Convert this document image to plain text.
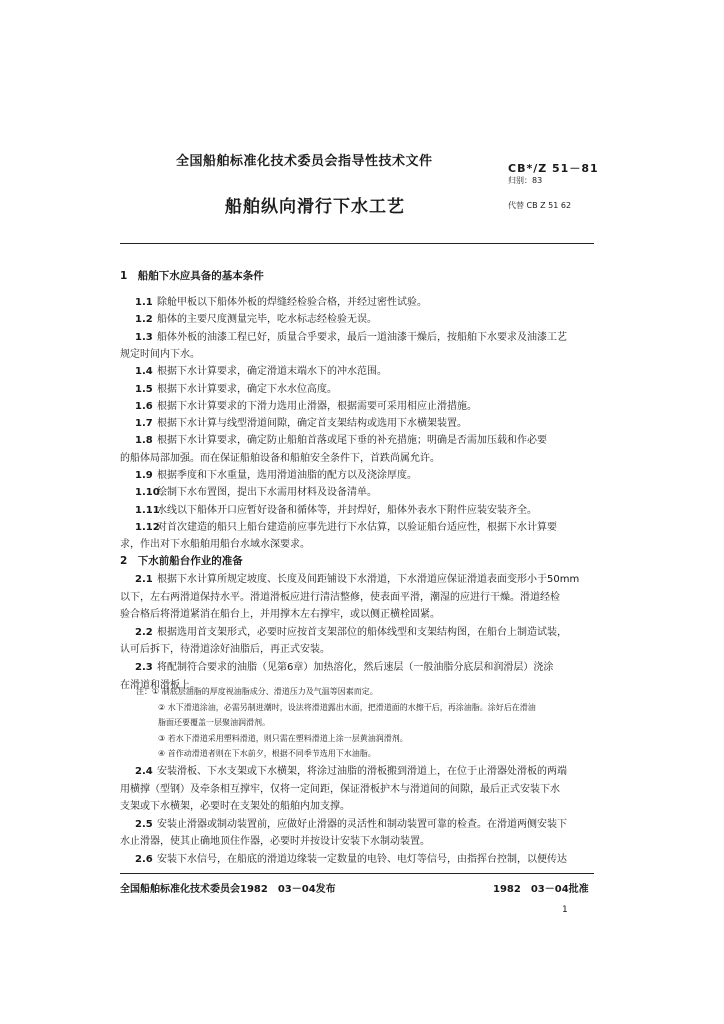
全国船舶标准化技术委员会指导性技术文件	CB*/Z 51－81
归别：83
船舶纵向滑行下水工艺	代替 CB Z 51 62
1　船舶下水应具备的基本条件
1.1 除舱甲板以下船体外板的焊缝经检验合格，并经过密性试验。
1.2 船体的主要尺度测量完毕，吃水标志经检验无误。
1.3 船体外板的油漆工程已好，质量合乎要求，最后一道油漆干燥后，按船舶下水要求及油漆工艺
规定时间内下水。
1.4 根据下水计算要求，确定滑道末端水下的冲水范围。
1.5 根据下水计算要求，确定下水水位高度。
1.6 根据下水计算要求的下滑力选用止滑器，根据需要可采用相应止滑措施。
1.7 根据下水计算与线型滑道间隙，确定首支架结构或选用下水横架装置。
1.8 根据下水计算要求，确定防止船舶首落或尾下垂的补充措施；明确是否需加压载和作必要
的船体局部加强。而在保证船舶设备和船舶安全条件下，首跌尚属允许。
1.9 根据季度和下水重量，选用滑道油脂的配方以及浇涂厚度。
1.10绘制下水布置图，提出下水需用材料及设备清单。
1.11水线以下船体开口应暂好设备和循体等，并封焊好，船体外表水下附件应装安装齐全。
1.12对首次建造的船只上船台建造前应事先进行下水估算，以验证船台适应性，根据下水计算要
求，作出对下水船舶用船台水域水深要求。
2　下水前船台作业的准备
2.1 根据下水计算所规定坡度、长度及间距铺设下水滑道，下水滑道应保证滑道表面变形小于50mm
以下，左右两滑道保持水平。滑道滑板应进行清洁整修，使表面平滑，潮湿的应进行干燥。滑道经检
验合格后将滑道紧消在船台上，并用撑木左右撑牢，或以侧正横栓固紧。
2.2 根据选用首支架形式，必要时应按首支架部位的船体线型和支架结构图，在船台上制造试装，
认可后拆下，待滑道涂好油脂后，再正式安装。
2.3 将配制符合要求的油脂（见第6章）加热溶化，然后速层（一般油脂分底层和润滑层）浇涂
在滑道和滑板上。
注：① 制底层油脂的厚度视油脂成分、滑道压力及气温等因素而定。
② 水下滑道涂油，必需另制进潮时，设法将滑道露出水面，把滑道面的水擦干后，再涂油脂。涂好后在滑油
脂面还要覆盖一层聚油润滑剂。
③ 若水下滑道采用塑料滑道，则只需在塑料滑道上涂一层黄油润滑剂。
④ 首作动滑道者则在下水前夕，根据不同季节选用下水油脂。
2.4 安装滑板、下水支架或下水横架，将涂过油脂的滑板搬到滑道上，在位于止滑器处滑板的两端
用横撑（型钢）及牵条相互撑牢，仅将一定间距，保证滑板护木与滑道间的间隙，最后正式安装下水
支架或下水横架，必要时在支架处的船舶内加支撑。
2.5 安装止滑器或制动装置前，应做好止滑器的灵活性和制动装置可靠的检查。在滑道两侧安装下
水止滑器，使其止确地顶住作器，必要时并按设计安装下水制动装置。
2.6 安装下水信号，在船底的滑道边缘装一定数量的电铃、电灯等信号，由指挥台控制，以便传达
全国船舶标准化技术委员会1982　03－04发布	1982　03－04批准
1
